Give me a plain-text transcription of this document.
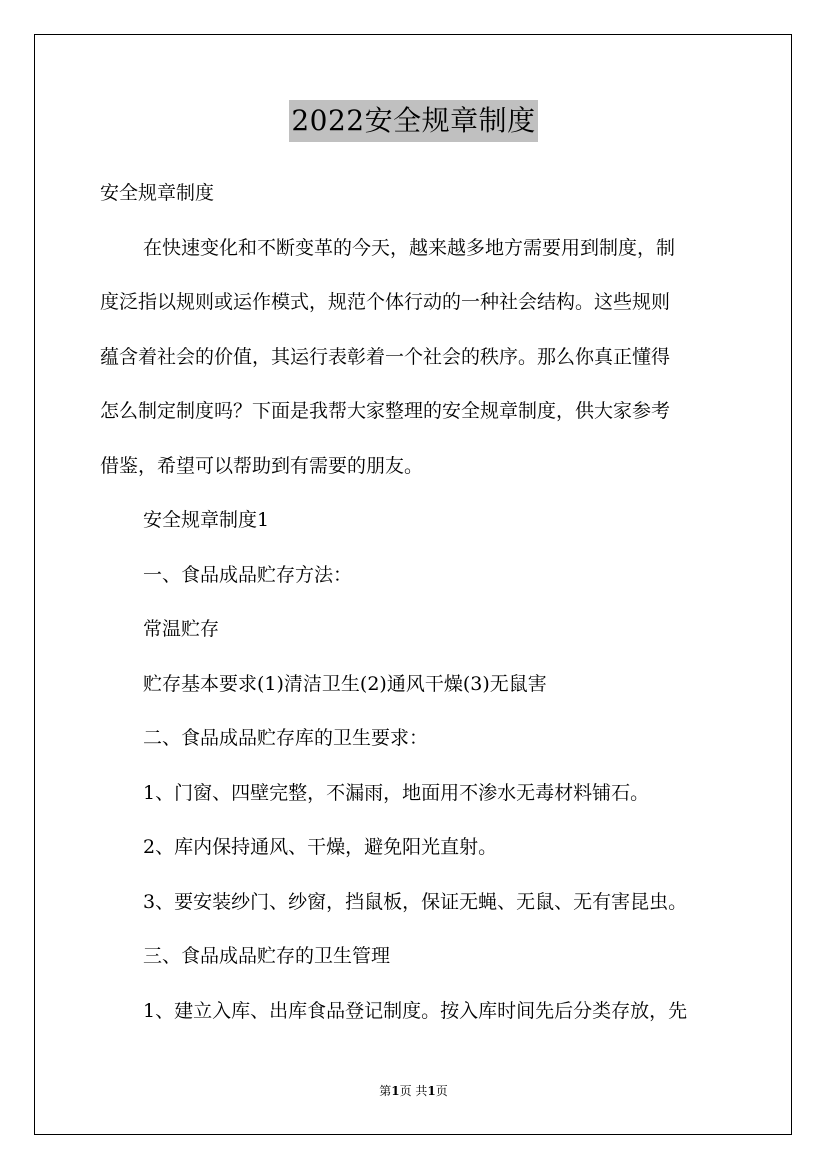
2022安全规章制度
安全规章制度
在快速变化和不断变革的今天，越来越多地方需要用到制度，制
度泛指以规则或运作模式，规范个体行动的一种社会结构。这些规则
蕴含着社会的价值，其运行表彰着一个社会的秩序。那么你真正懂得
怎么制定制度吗？下面是我帮大家整理的安全规章制度，供大家参考
借鉴，希望可以帮助到有需要的朋友。
安全规章制度1
一、食品成品贮存方法：
常温贮存
贮存基本要求(1)清洁卫生(2)通风干燥(3)无鼠害
二、食品成品贮存库的卫生要求：
1、门窗、四壁完整，不漏雨，地面用不渗水无毒材料铺石。
2、库内保持通风、干燥，避免阳光直射。
3、要安装纱门、纱窗，挡鼠板，保证无蝇、无鼠、无有害昆虫。
三、食品成品贮存的卫生管理
1、建立入库、出库食品登记制度。按入库时间先后分类存放，先
第1页 共1页
